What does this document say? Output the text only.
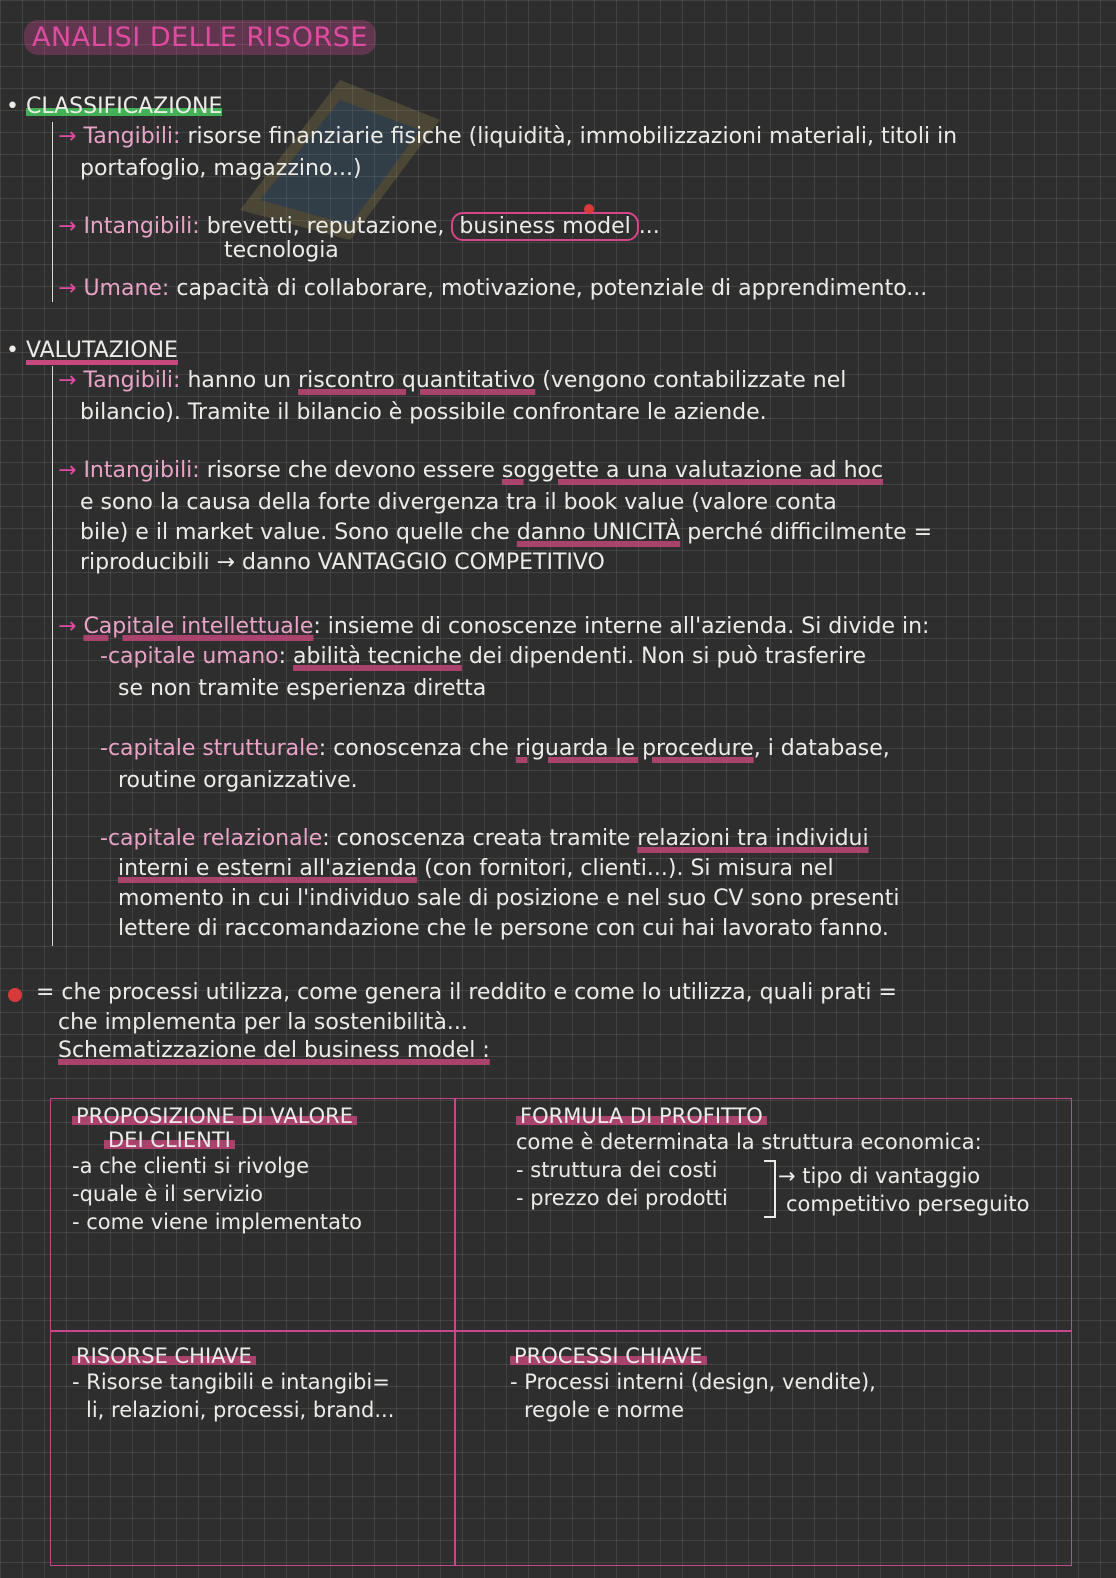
ANALISI DELLE RISORSE
• CLASSIFICAZIONE
→ Tangibili: risorse finanziarie fisiche (liquidità, immobilizzazioni materiali, titoli in
portafoglio, magazzino...)
→ Intangibili: brevetti, reputazione, business model ...
tecnologia
→ Umane: capacità di collaborare, motivazione, potenziale di apprendimento...
• VALUTAZIONE
→ Tangibili: hanno un riscontro quantitativo (vengono contabilizzate nel
bilancio). Tramite il bilancio è possibile confrontare le aziende.
→ Intangibili: risorse che devono essere soggette a una valutazione ad hoc
e sono la causa della forte divergenza tra il book value (valore conta
bile) e il market value. Sono quelle che danno UNICITÀ perché difficilmente =
riproducibili → danno VANTAGGIO COMPETITIVO
→ Capitale intellettuale: insieme di conoscenze interne all'azienda. Si divide in:
-capitale umano: abilità tecniche dei dipendenti. Non si può trasferire
se non tramite esperienza diretta
-capitale strutturale: conoscenza che riguarda le procedure, i database,
routine organizzative.
-capitale relazionale: conoscenza creata tramite relazioni tra individui
interni e esterni all'azienda (con fornitori, clienti...). Si misura nel
momento in cui l'individuo sale di posizione e nel suo CV sono presenti
lettere di raccomandazione che le persone con cui hai lavorato fanno.
= che processi utilizza, come genera il reddito e come lo utilizza, quali prati =
che implementa per la sostenibilità...
Schematizzazione del business model :
PROPOSIZIONE DI VALORE
DEI CLIENTI
-a che clienti si rivolge
-quale è il servizio
- come viene implementato
FORMULA DI PROFITTO
come è determinata la struttura economica:
- struttura dei costi
- prezzo dei prodotti
→ tipo di vantaggio
competitivo perseguito
RISORSE CHIAVE
- Risorse tangibili e intangibi=
li, relazioni, processi, brand...
PROCESSI CHIAVE
- Processi interni (design, vendite),
regole e norme
